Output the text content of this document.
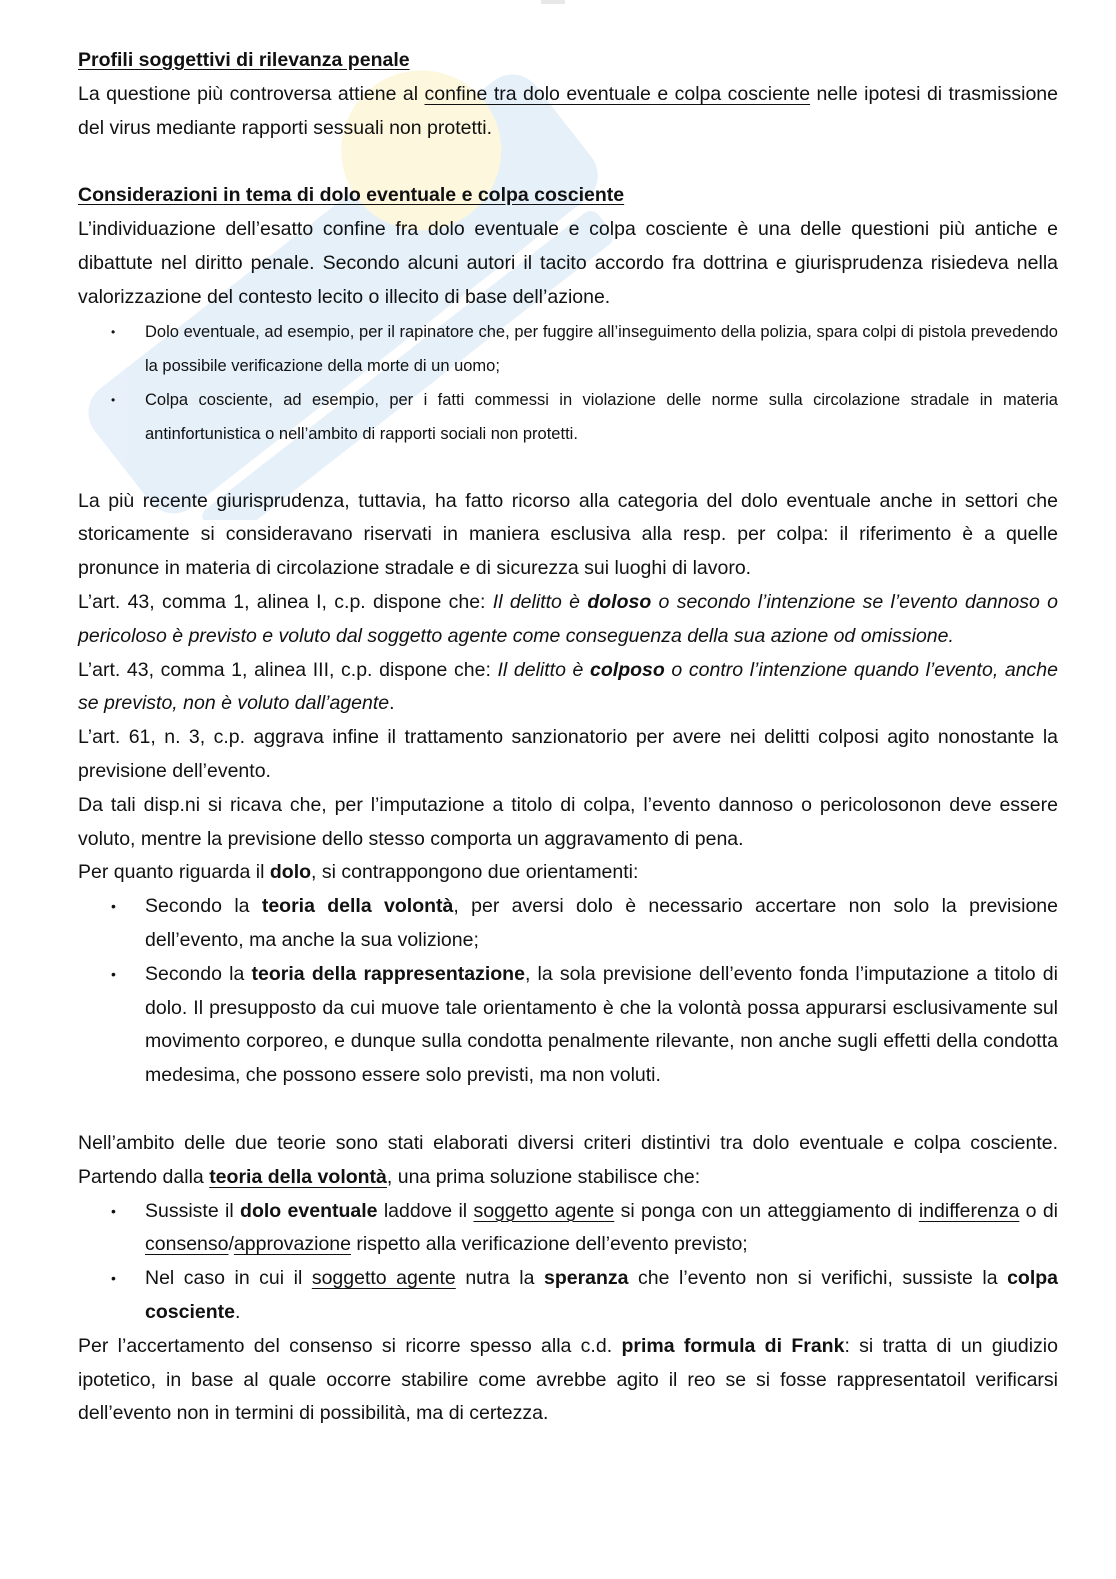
Profili soggettivi di rilevanza penale

La questione più controversa attiene al confine tra dolo eventuale e colpa cosciente nelle ipotesi di trasmissione del virus mediante rapporti sessuali non protetti.

Considerazioni in tema di dolo eventuale e colpa cosciente

L’individuazione dell’esatto confine fra dolo eventuale e colpa cosciente è una delle questioni più antiche e dibattute nel diritto penale. Secondo alcuni autori il tacito accordo fra dottrina e giurisprudenza risiedeva nella valorizzazione del contesto lecito o illecito di base dell’azione.

• Dolo eventuale, ad esempio, per il rapinatore che, per fuggire all’inseguimento della polizia, spara colpi di pistola prevedendo la possibile verificazione della morte di un uomo;
• Colpa cosciente, ad esempio, per i fatti commessi in violazione delle norme sulla circolazione stradale in materia antinfortunistica o nell’ambito di rapporti sociali non protetti.

La più recente giurisprudenza, tuttavia, ha fatto ricorso alla categoria del dolo eventuale anche in settori che storicamente si consideravano riservati in maniera esclusiva alla resp. per colpa: il riferimento è a quelle pronunce in materia di circolazione stradale e di sicurezza sui luoghi di lavoro.

L’art. 43, comma 1, alinea I, c.p. dispone che: Il delitto è doloso o secondo l’intenzione se l’evento dannoso o pericoloso è previsto e voluto dal soggetto agente come conseguenza della sua azione od omissione.

L’art. 43, comma 1, alinea III, c.p. dispone che: Il delitto è colposo o contro l’intenzione quando l’evento, anche se previsto, non è voluto dall’agente.

L’art. 61, n. 3, c.p. aggrava infine il trattamento sanzionatorio per avere nei delitti colposi agito nonostante la previsione dell’evento.

Da tali disp.ni si ricava che, per l’imputazione a titolo di colpa, l’evento dannoso o pericolosonon deve essere voluto, mentre la previsione dello stesso comporta un aggravamento di pena.

Per quanto riguarda il dolo, si contrappongono due orientamenti:

• Secondo la teoria della volontà, per aversi dolo è necessario accertare non solo la previsione dell’evento, ma anche la sua volizione;
• Secondo la teoria della rappresentazione, la sola previsione dell’evento fonda l’imputazione a titolo di dolo. Il presupposto da cui muove tale orientamento è che la volontà possa appurarsi esclusivamente sul movimento corporeo, e dunque sulla condotta penalmente rilevante, non anche sugli effetti della condotta medesima, che possono essere solo previsti, ma non voluti.

Nell’ambito delle due teorie sono stati elaborati diversi criteri distintivi tra dolo eventuale e colpa cosciente. Partendo dalla teoria della volontà, una prima soluzione stabilisce che:

• Sussiste il dolo eventuale laddove il soggetto agente si ponga con un atteggiamento di indifferenza o di consenso/approvazione rispetto alla verificazione dell’evento previsto;
• Nel caso in cui il soggetto agente nutra la speranza che l’evento non si verifichi, sussiste la colpa cosciente.

Per l’accertamento del consenso si ricorre spesso alla c.d. prima formula di Frank: si tratta di un giudizio ipotetico, in base al quale occorre stabilire come avrebbe agito il reo se si fosse rappresentatoil verificarsi dell’evento non in termini di possibilità, ma di certezza.
